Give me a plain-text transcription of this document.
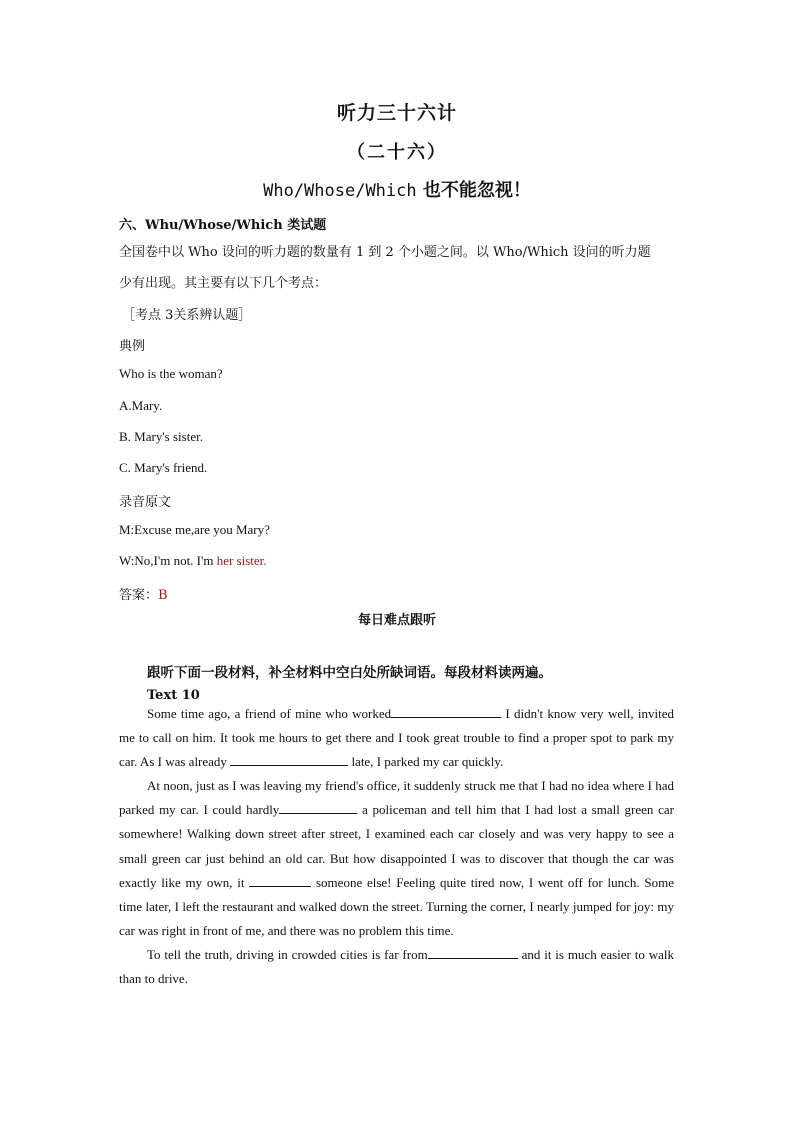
听力三十六计
（二十六）
Who/Whose/Which 也不能忽视！
六、Whu/Whose/Which 类试题
全国卷中以 Who 设问的听力题的数量有 1 到 2 个小题之间。以 Who/Which 设问的听力题
少有出现。其主要有以下几个考点：
［考点 3关系辨认题］
典例
Who is the woman?
A.Mary.
B. Mary's sister.
C. Mary's friend.
录音原文
M:Excuse me,are you Mary?
W:No,I'm not. I'm her sister.
答案：B
每日难点跟听
跟听下面一段材料，补全材料中空白处所缺词语。每段材料读两遍。
Text 10

Some time ago, a friend of mine who worked	I didn't know very well, invited me to call on him. It took me hours to get there and I took great trouble to find a proper spot to park my car. As I was already	late, I parked my car quickly.

At noon, just as I was leaving my friend's office, it suddenly struck me that I had no idea where I had parked my car. I could hardly	a policeman and tell him that I had lost a small green car somewhere! Walking down street after street, I examined each car closely and was very happy to see a small green car just behind an old car. But how disappointed I was to discover that though the car was exactly like my own, it	someone else! Feeling quite tired now, I went off for lunch. Some time later, I left the restaurant and walked down the street. Turning the corner, I nearly jumped for joy: my car was right in front of me, and there was no problem this time.

To tell the truth, driving in crowded cities is far from	and it is much easier to walk than to drive.
